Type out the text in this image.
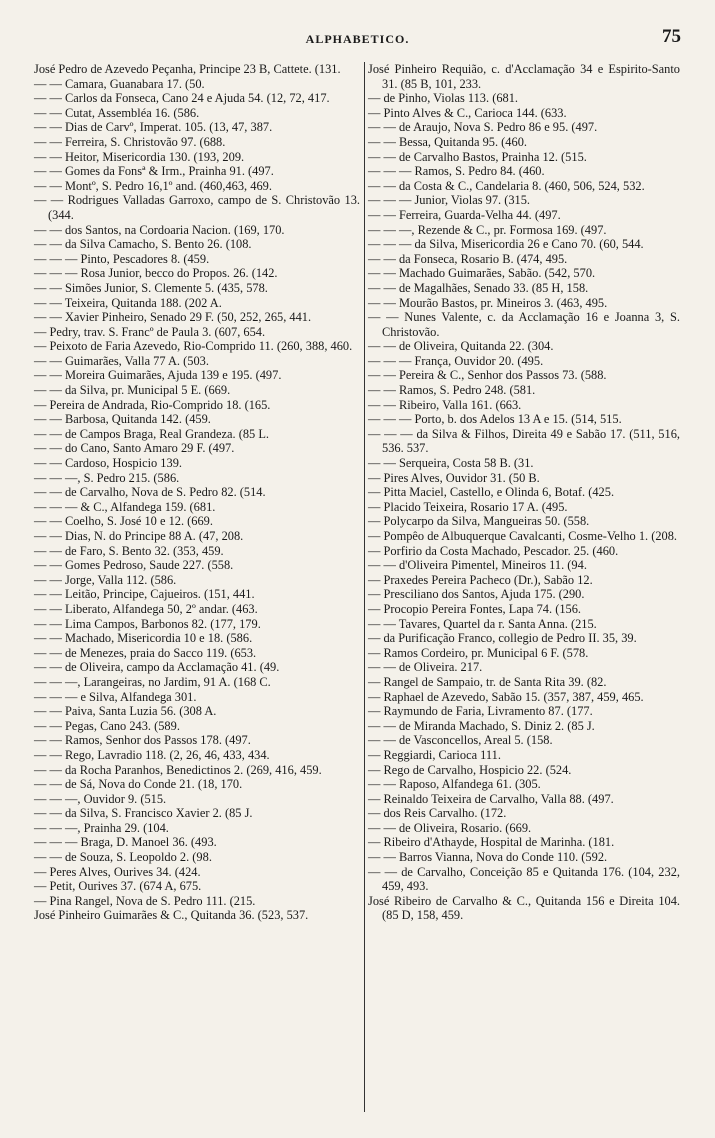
ALPHABETICO.	75
José Pedro de Azevedo Peçanha, Principe 23 B, Cattete. (131.
— — Camara, Guanabara 17. (50.
— — Carlos da Fonseca, Cano 24 e Ajuda 54. (12, 72, 417.
— — Cutat, Assembléa 16. (586.
— — Dias de Carvº, Imperat. 105. (13, 47, 387.
— — Ferreira, S. Christovão 97. (688.
— — Heitor, Misericordia 130. (193, 209.
— — Gomes da Fonsª & Irm., Prainha 91. (497.
— — Montº, S. Pedro 16,1º and. (460,463, 469.
— — Rodrigues Valladas Garroxo, campo de S. Christovão 13. (344.
— — dos Santos, na Cordoaria Nacion. (169, 170.
— — da Silva Camacho, S. Bento 26. (108.
— — — Pinto, Pescadores 8. (459.
— — — Rosa Junior, becco do Propos. 26. (142.
— — Simões Junior, S. Clemente 5. (435, 578.
— — Teixeira, Quitanda 188. (202 A.
— — Xavier Pinheiro, Senado 29 F. (50, 252, 265, 441.
— Pedry, trav. S. Francº de Paula 3. (607, 654.
— Peixoto de Faria Azevedo, Rio-Comprido 11. (260, 388, 460.
— — Guimarães, Valla 77 A. (503.
— — Moreira Guimarães, Ajuda 139 e 195. (497.
— — da Silva, pr. Municipal 5 E. (669.
— Pereira de Andrada, Rio-Comprido 18. (165.
— — Barbosa, Quitanda 142. (459.
— — de Campos Braga, Real Grandeza. (85 L.
— — do Cano, Santo Amaro 29 F. (497.
— — Cardoso, Hospicio 139.
— — —, S. Pedro 215. (586.
— — de Carvalho, Nova de S. Pedro 82. (514.
— — — & C., Alfandega 159. (681.
— — Coelho, S. José 10 e 12. (669.
— — Dias, N. do Principe 88 A. (47, 208.
— — de Faro, S. Bento 32. (353, 459.
— — Gomes Pedroso, Saude 227. (558.
— — Jorge, Valla 112. (586.
— — Leitão, Principe, Cajueiros. (151, 441.
— — Liberato, Alfandega 50, 2º andar. (463.
— — Lima Campos, Barbonos 82. (177, 179.
— — Machado, Misericordia 10 e 18. (586.
— — de Menezes, praia do Sacco 119. (653.
— — de Oliveira, campo da Acclamação 41. (49.
— — —, Larangeiras, no Jardim, 91 A. (168 C.
— — — e Silva, Alfandega 301.
— — Paiva, Santa Luzia 56. (308 A.
— — Pegas, Cano 243. (589.
— — Ramos, Senhor dos Passos 178. (497.
— — Rego, Lavradio 118. (2, 26, 46, 433, 434.
— — da Rocha Paranhos, Benedictinos 2. (269, 416, 459.
— — de Sá, Nova do Conde 21. (18, 170.
— — —, Ouvidor 9. (515.
— — da Silva, S. Francisco Xavier 2. (85 J.
— — —, Prainha 29. (104.
— — — Braga, D. Manoel 36. (493.
— — de Souza, S. Leopoldo 2. (98.
— Peres Alves, Ourives 34. (424.
— Petit, Ourives 37. (674 A, 675.
— Pina Rangel, Nova de S. Pedro 111. (215.
José Pinheiro Guimarães & C., Quitanda 36. (523, 537.
José Pinheiro Requião, c. d'Acclamação 34 e Espirito-Santo 31. (85 B, 101, 233.
— de Pinho, Violas 113. (681.
— Pinto Alves & C., Carioca 144. (633.
— — de Araujo, Nova S. Pedro 86 e 95. (497.
— — Bessa, Quitanda 95. (460.
— — de Carvalho Bastos, Prainha 12. (515.
— — — Ramos, S. Pedro 84. (460.
— — da Costa & C., Candelaria 8. (460, 506, 524, 532.
— — — Junior, Violas 97. (315.
— — Ferreira, Guarda-Velha 44. (497.
— — —, Rezende & C., pr. Formosa 169. (497.
— — — da Silva, Misericordia 26 e Cano 70. (60, 544.
— — da Fonseca, Rosario B. (474, 495.
— — Machado Guimarães, Sabão. (542, 570.
— — de Magalhães, Senado 33. (85 H, 158.
— — Mourão Bastos, pr. Mineiros 3. (463, 495.
— — Nunes Valente, c. da Acclamação 16 e Joanna 3, S. Christovão.
— — de Oliveira, Quitanda 22. (304.
— — — França, Ouvidor 20. (495.
— — Pereira & C., Senhor dos Passos 73. (588.
— — Ramos, S. Pedro 248. (581.
— — Ribeiro, Valla 161. (663.
— — — Porto, b. dos Adelos 13 A e 15. (514, 515.
— — — da Silva & Filhos, Direita 49 e Sabão 17. (511, 516, 536. 537.
— — Serqueira, Costa 58 B. (31.
— Pires Alves, Ouvidor 31. (50 B.
— Pitta Maciel, Castello, e Olinda 6, Botaf. (425.
— Placido Teixeira, Rosario 17 A. (495.
— Polycarpo da Silva, Mangueiras 50. (558.
— Pompêo de Albuquerque Cavalcanti, Cosme-Velho 1. (208.
— Porfirio da Costa Machado, Pescador. 25. (460.
— — d'Oliveira Pimentel, Mineiros 11. (94.
— Praxedes Pereira Pacheco (Dr.), Sabão 12.
— Presciliano dos Santos, Ajuda 175. (290.
— Procopio Pereira Fontes, Lapa 74. (156.
— — Tavares, Quartel da r. Santa Anna. (215.
— da Purificação Franco, collegio de Pedro II. 35, 39.
— Ramos Cordeiro, pr. Municipal 6 F. (578.
— — de Oliveira. 217.
— Rangel de Sampaio, tr. de Santa Rita 39. (82.
— Raphael de Azevedo, Sabão 15. (357, 387, 459, 465.
— Raymundo de Faria, Livramento 87. (177.
— — de Miranda Machado, S. Diniz 2. (85 J.
— — de Vasconcellos, Areal 5. (158.
— Reggiardi, Carioca 111.
— Rego de Carvalho, Hospicio 22. (524.
— — Raposo, Alfandega 61. (305.
— Reinaldo Teixeira de Carvalho, Valla 88. (497.
— dos Reis Carvalho. (172.
— — de Oliveira, Rosario. (669.
— Ribeiro d'Athayde, Hospital de Marinha. (181.
— — Barros Vianna, Nova do Conde 110. (592.
— — de Carvalho, Conceição 85 e Quitanda 176. (104, 232, 459, 493.
José Ribeiro de Carvalho & C., Quitanda 156 e Direita 104. (85 D, 158, 459.
